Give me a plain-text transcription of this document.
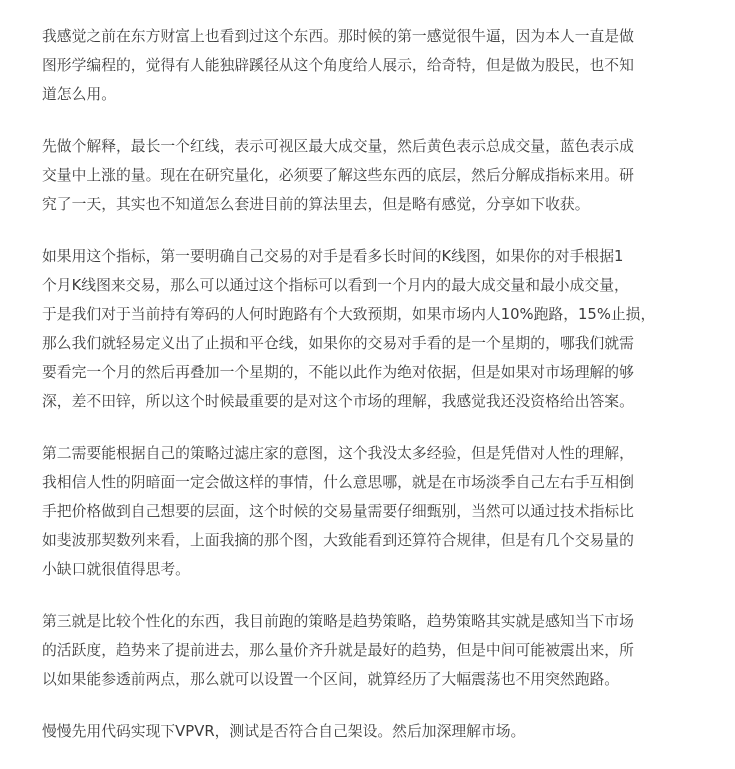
我感觉之前在东方财富上也看到过这个东西。那时候的第一感觉很牛逼，因为本人一直是做
图形学编程的，觉得有人能独辟蹊径从这个角度给人展示，给奇特，但是做为股民，也不知
道怎么用。

先做个解释，最长一个红线，表示可视区最大成交量，然后黄色表示总成交量，蓝色表示成
交量中上涨的量。现在在研究量化，必须要了解这些东西的底层，然后分解成指标来用。研
究了一天，其实也不知道怎么套进目前的算法里去，但是略有感觉，分享如下收获。

如果用这个指标，第一要明确自己交易的对手是看多长时间的K线图，如果你的对手根据1
个月K线图来交易，那么可以通过这个指标可以看到一个月内的最大成交量和最小成交量，
于是我们对于当前持有筹码的人何时跑路有个大致预期，如果市场内人10%跑路，15%止损，
那么我们就轻易定义出了止损和平仓线，如果你的交易对手看的是一个星期的，哪我们就需
要看完一个月的然后再叠加一个星期的，不能以此作为绝对依据，但是如果对市场理解的够
深，差不田锌，所以这个时候最重要的是对这个市场的理解，我感觉我还没资格给出答案。

第二需要能根据自己的策略过滤庄家的意图，这个我没太多经验，但是凭借对人性的理解，
我相信人性的阴暗面一定会做这样的事情，什么意思哪，就是在市场淡季自己左右手互相倒
手把价格做到自己想要的层面，这个时候的交易量需要仔细甄别，当然可以通过技术指标比
如斐波那契数列来看，上面我摘的那个图，大致能看到还算符合规律，但是有几个交易量的
小缺口就很值得思考。

第三就是比较个性化的东西，我目前跑的策略是趋势策略，趋势策略其实就是感知当下市场
的活跃度，趋势来了提前进去，那么量价齐升就是最好的趋势，但是中间可能被震出来，所
以如果能参透前两点，那么就可以设置一个区间，就算经历了大幅震荡也不用突然跑路。

慢慢先用代码实现下VPVR，测试是否符合自己架设。然后加深理解市场。
